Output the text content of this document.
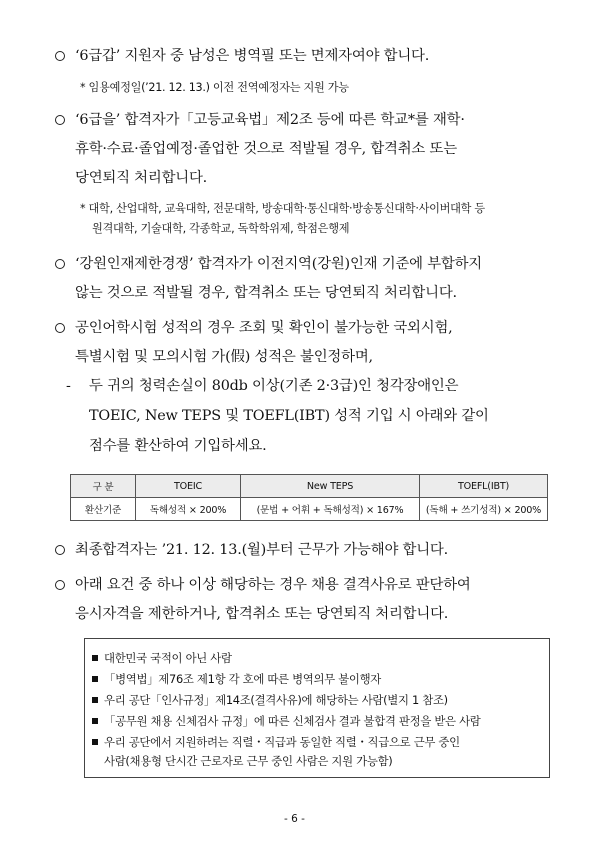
‘6급갑’ 지원자 중 남성은 병역필 또는 면제자여야 합니다.
* 임용예정일(’21. 12. 13.) 이전 전역예정자는 지원 가능
‘6급을’ 합격자가「고등교육법」제2조 등에 따른 학교*를 재학·
휴학·수료·졸업예정·졸업한 것으로 적발될 경우, 합격취소 또는
당연퇴직 처리합니다.
* 대학, 산업대학, 교육대학, 전문대학, 방송대학·통신대학·방송통신대학·사이버대학 등
원격대학, 기술대학, 각종학교, 독학학위제, 학점은행제
‘강원인재제한경쟁’ 합격자가 이전지역(강원)인재 기준에 부합하지
않는 것으로 적발될 경우, 합격취소 또는 당연퇴직 처리합니다.
공인어학시험 성적의 경우 조회 및 확인이 불가능한 국외시험,
특별시험 및 모의시험 가(假) 성적은 불인정하며,
- 두 귀의 청력손실이 80db 이상(기존 2·3급)인 청각장애인은
TOEIC, New TEPS 및 TOEFL(IBT) 성적 기입 시 아래와 같이
점수를 환산하여 기입하세요.
구 분	TOEIC	New TEPS	TOEFL(IBT)
환산기준	독해성적 × 200%	(문법 + 어휘 + 독해성적) × 167%	(독해 + 쓰기성적) × 200%
최종합격자는 ’21. 12. 13.(월)부터 근무가 가능해야 합니다.
아래 요건 중 하나 이상 해당하는 경우 채용 결격사유로 판단하여
응시자격을 제한하거나, 합격취소 또는 당연퇴직 처리합니다.
대한민국 국적이 아닌 사람
「병역법」제76조 제1항 각 호에 따른 병역의무 불이행자
우리 공단「인사규정」제14조(결격사유)에 해당하는 사람(별지 1 참조)
「공무원 채용 신체검사 규정」에 따른 신체검사 결과 불합격 판정을 받은 사람
우리 공단에서 지원하려는 직렬・직급과 동일한 직렬・직급으로 근무 중인
사람(채용형 단시간 근로자로 근무 중인 사람은 지원 가능함)
- 6 -
